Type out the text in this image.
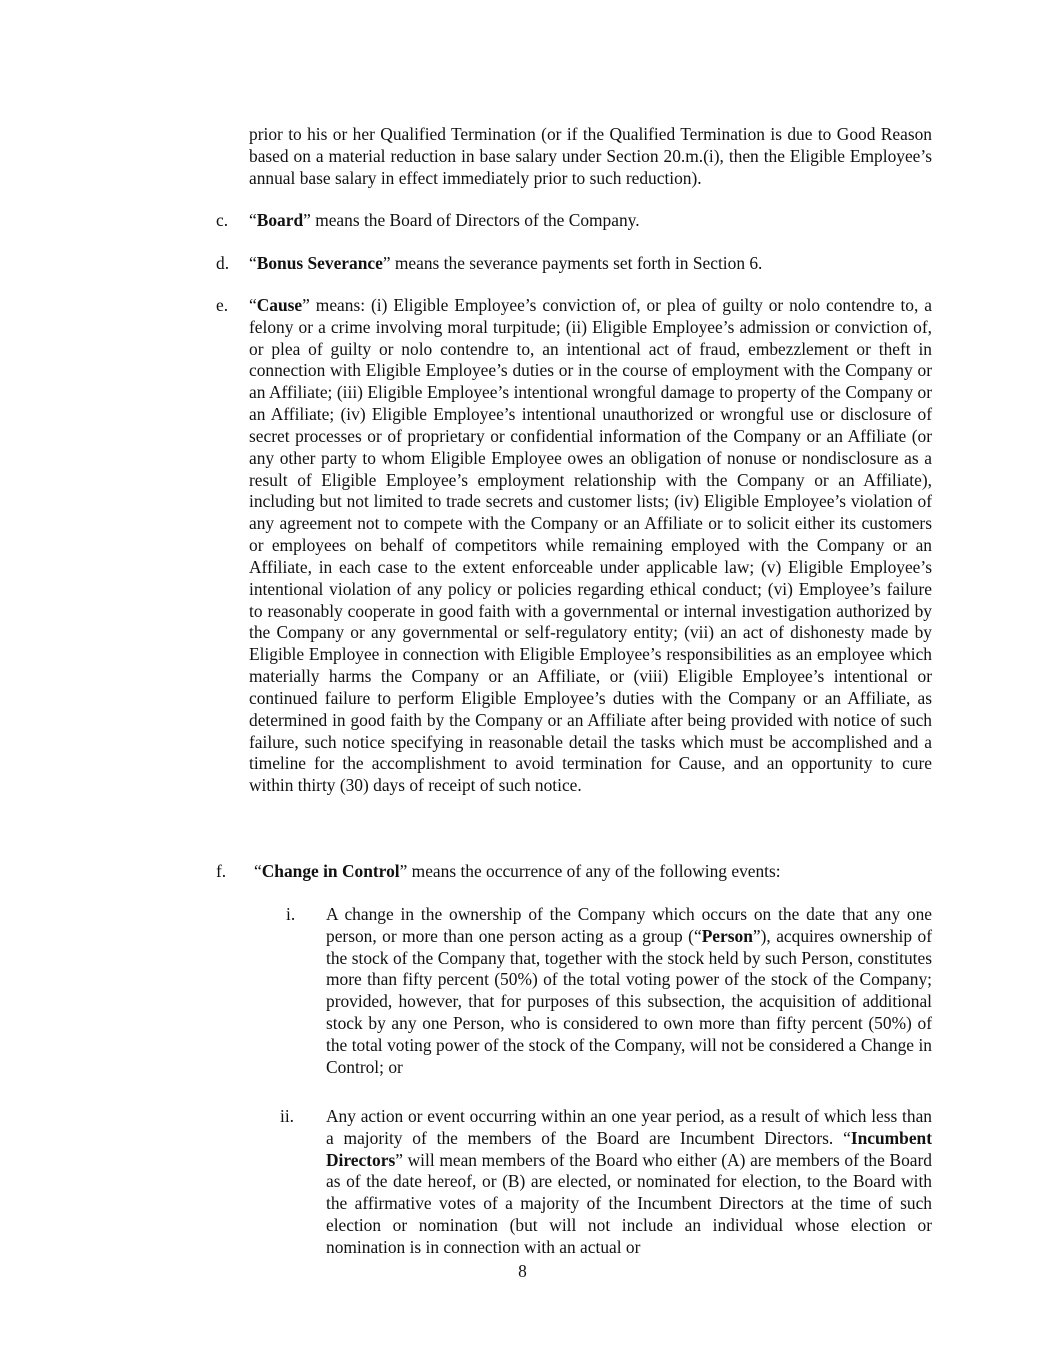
prior to his or her Qualified Termination (or if the Qualified Termination is due to Good Reason based on a material reduction in base salary under Section 20.m.(i), then the Eligible Employee’s annual base salary in effect immediately prior to such reduction).
c. “Board” means the Board of Directors of the Company.
d. “Bonus Severance” means the severance payments set forth in Section 6.
e. “Cause” means: (i) Eligible Employee’s conviction of, or plea of guilty or nolo contendre to, a felony or a crime involving moral turpitude; (ii) Eligible Employee’s admission or conviction of, or plea of guilty or nolo contendre to, an intentional act of fraud, embezzlement or theft in connection with Eligible Employee’s duties or in the course of employment with the Company or an Affiliate; (iii) Eligible Employee’s intentional wrongful damage to property of the Company or an Affiliate; (iv) Eligible Employee’s intentional unauthorized or wrongful use or disclosure of secret processes or of proprietary or confidential information of the Company or an Affiliate (or any other party to whom Eligible Employee owes an obligation of nonuse or nondisclosure as a result of Eligible Employee’s employment relationship with the Company or an Affiliate), including but not limited to trade secrets and customer lists; (iv) Eligible Employee’s violation of any agreement not to compete with the Company or an Affiliate or to solicit either its customers or employees on behalf of competitors while remaining employed with the Company or an Affiliate, in each case to the extent enforceable under applicable law; (v) Eligible Employee’s intentional violation of any policy or policies regarding ethical conduct; (vi) Employee’s failure to reasonably cooperate in good faith with a governmental or internal investigation authorized by the Company or any governmental or self-regulatory entity; (vii) an act of dishonesty made by Eligible Employee in connection with Eligible Employee’s responsibilities as an employee which materially harms the Company or an Affiliate, or (viii) Eligible Employee’s intentional or continued failure to perform Eligible Employee’s duties with the Company or an Affiliate, as determined in good faith by the Company or an Affiliate after being provided with notice of such failure, such notice specifying in reasonable detail the tasks which must be accomplished and a timeline for the accomplishment to avoid termination for Cause, and an opportunity to cure within thirty (30) days of receipt of such notice.
f. “Change in Control” means the occurrence of any of the following events:
i. A change in the ownership of the Company which occurs on the date that any one person, or more than one person acting as a group (“Person”), acquires ownership of the stock of the Company that, together with the stock held by such Person, constitutes more than fifty percent (50%) of the total voting power of the stock of the Company; provided, however, that for purposes of this subsection, the acquisition of additional stock by any one Person, who is considered to own more than fifty percent (50%) of the total voting power of the stock of the Company, will not be considered a Change in Control; or
ii. Any action or event occurring within an one year period, as a result of which less than a majority of the members of the Board are Incumbent Directors. “Incumbent Directors” will mean members of the Board who either (A) are members of the Board as of the date hereof, or (B) are elected, or nominated for election, to the Board with the affirmative votes of a majority of the Incumbent Directors at the time of such election or nomination (but will not include an individual whose election or nomination is in connection with an actual or
8
